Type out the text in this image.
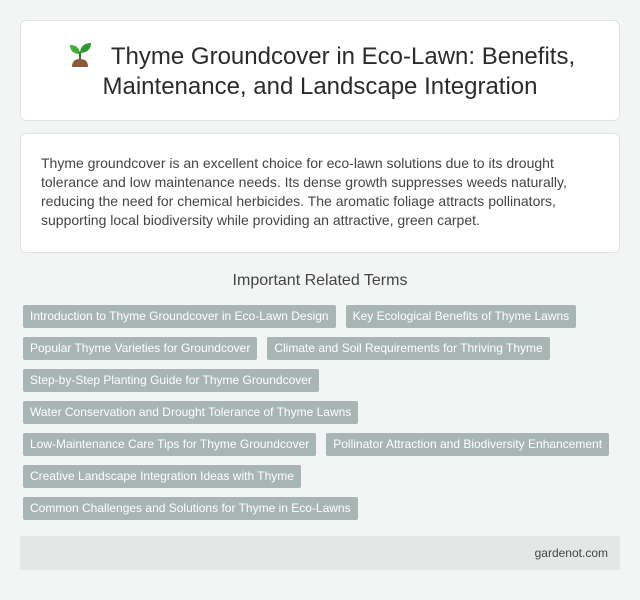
Thyme Groundcover in Eco-Lawn: Benefits, Maintenance, and Landscape Integration

Thyme groundcover is an excellent choice for eco-lawn solutions due to its drought tolerance and low maintenance needs. Its dense growth suppresses weeds naturally, reducing the need for chemical herbicides. The aromatic foliage attracts pollinators, supporting local biodiversity while providing an attractive, green carpet.

Important Related Terms
Introduction to Thyme Groundcover in Eco-Lawn Design	Key Ecological Benefits of Thyme Lawns
Popular Thyme Varieties for Groundcover	Climate and Soil Requirements for Thriving Thyme
Step-by-Step Planting Guide for Thyme Groundcover
Water Conservation and Drought Tolerance of Thyme Lawns
Low-Maintenance Care Tips for Thyme Groundcover	Pollinator Attraction and Biodiversity Enhancement
Creative Landscape Integration Ideas with Thyme
Common Challenges and Solutions for Thyme in Eco-Lawns
gardenot.com
